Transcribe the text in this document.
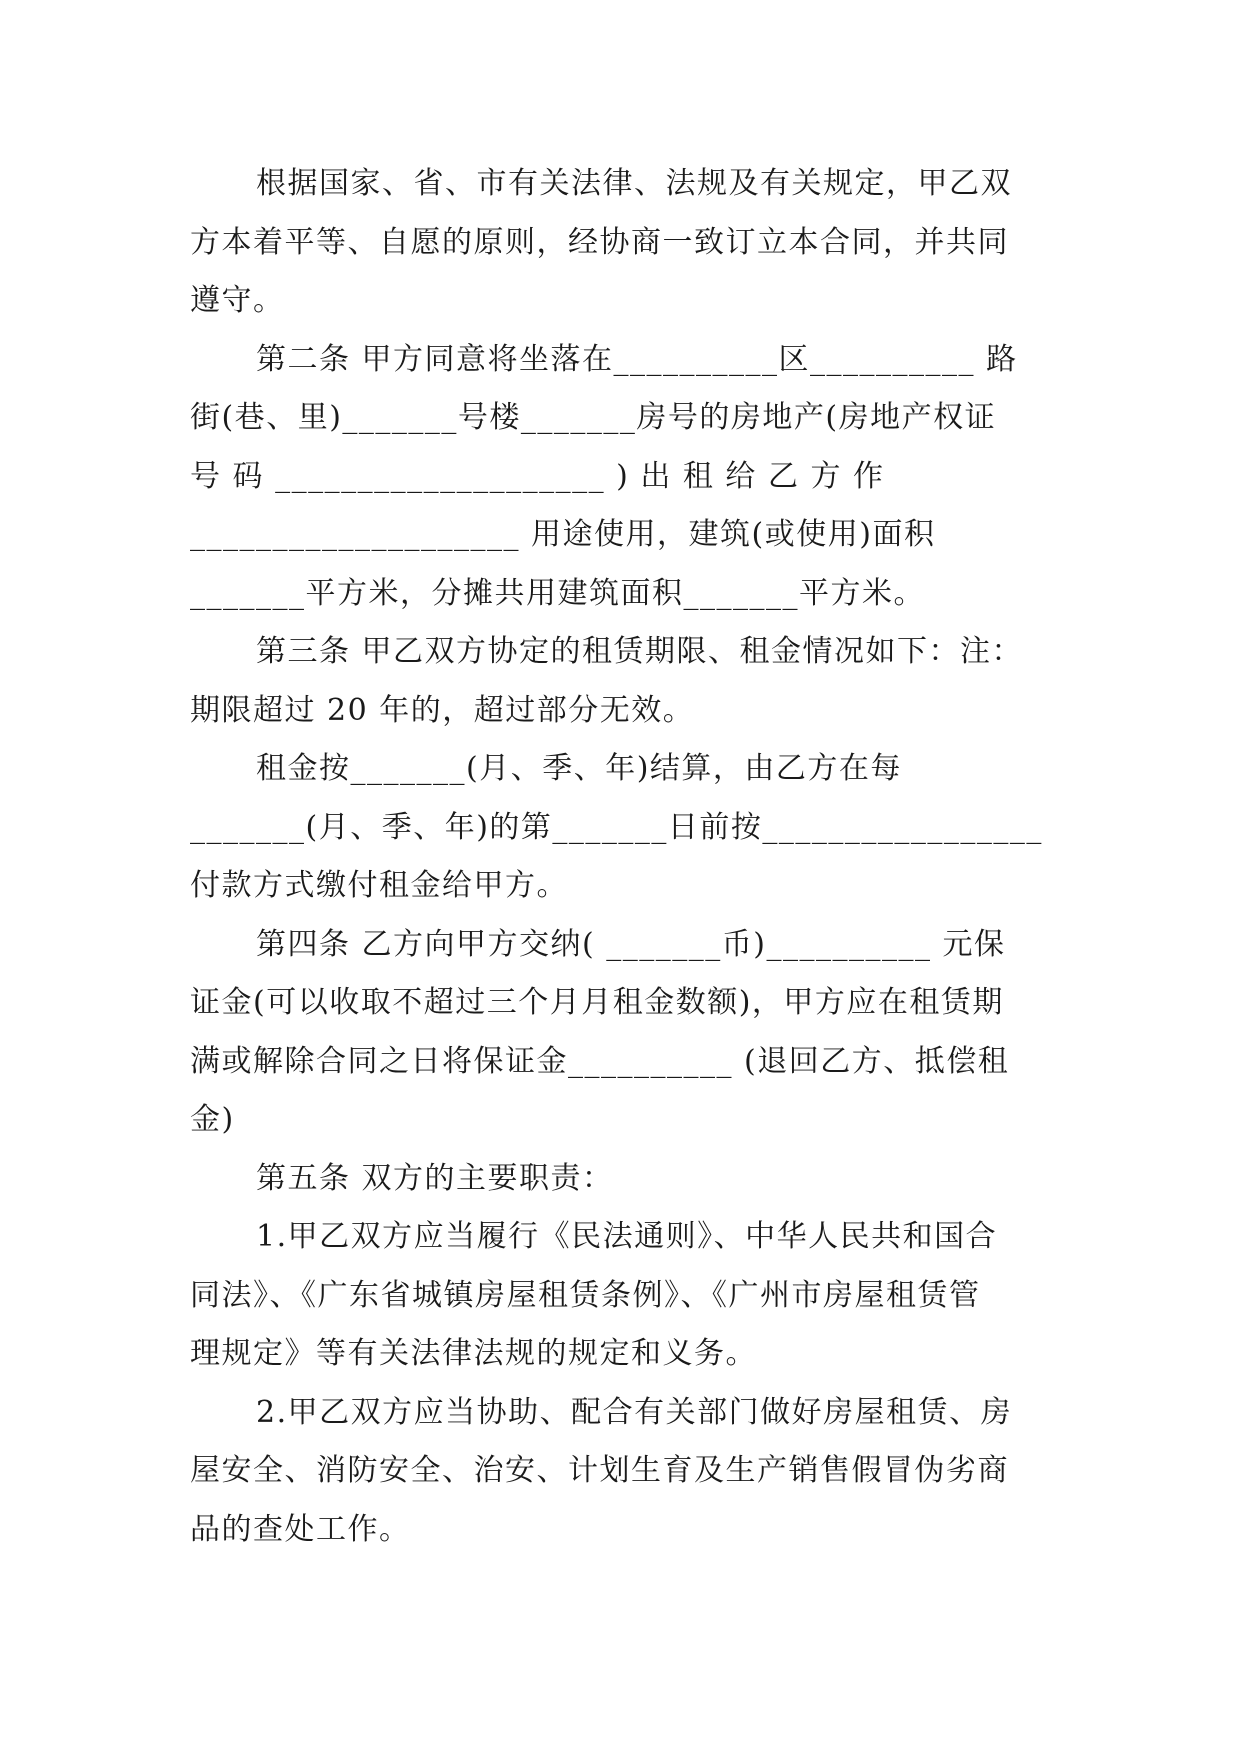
根据国家、省、市有关法律、法规及有关规定，甲乙双
方本着平等、自愿的原则，经协商一致订立本合同，并共同
遵守。

第二条 甲方同意将坐落在__________区__________ 路
街(巷、里)_______号楼_______房号的房地产(房地产权证
号 码 ____________________ ) 出 租 给 乙 方 作
____________________ 用途使用，建筑(或使用)面积
_______平方米，分摊共用建筑面积_______平方米。

第三条 甲乙双方协定的租赁期限、租金情况如下：注：
期限超过 20 年的，超过部分无效。

租金按_______(月、季、年)结算，由乙方在每
_______(月、季、年)的第_______日前按_________________
付款方式缴付租金给甲方。

第四条 乙方向甲方交纳( _______币)__________ 元保
证金(可以收取不超过三个月月租金数额)，甲方应在租赁期
满或解除合同之日将保证金__________ (退回乙方、抵偿租
金)

第五条 双方的主要职责：

1.甲乙双方应当履行《民法通则》、中华人民共和国合
同法》、《广东省城镇房屋租赁条例》、《广州市房屋租赁管
理规定》等有关法律法规的规定和义务。

2.甲乙双方应当协助、配合有关部门做好房屋租赁、房
屋安全、消防安全、治安、计划生育及生产销售假冒伪劣商
品的查处工作。
